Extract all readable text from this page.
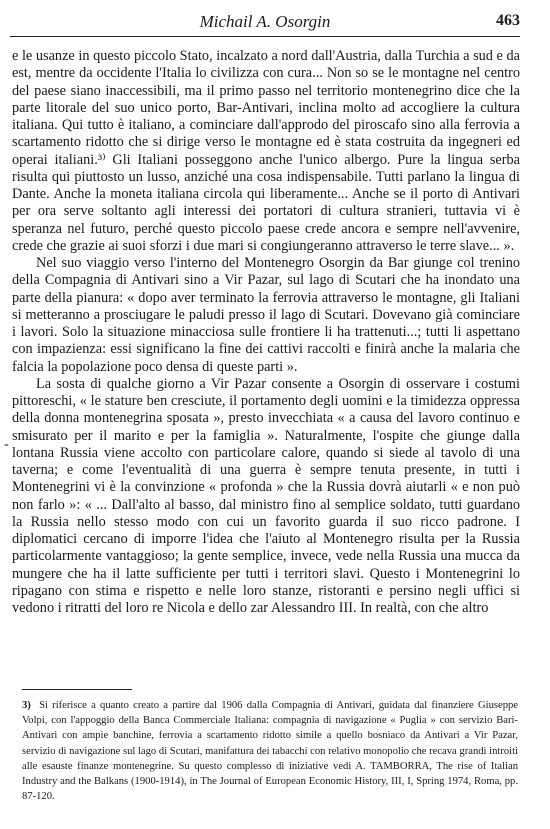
Michail A. Osorgin	463
-

e le usanze in questo piccolo Stato, incalzato a nord dall'Austria, dalla Turchia a sud e da est, mentre da occidente l'Italia lo civilizza con cura... Non so se le montagne nel centro del paese siano inaccessibili, ma il primo passo nel territorio montenegrino dice che la parte litorale del suo unico porto, Bar-Antivari, inclina molto ad accogliere la cultura italiana. Qui tutto è italiano, a cominciare dall'approdo del piroscafo sino alla ferrovia a scartamento ridotto che si dirige verso le montagne ed è stata costruita da ingegneri ed operai italiani.³⁾ Gli Italiani posseggono anche l'unico albergo. Pure la lingua serba risulta qui piuttosto un lusso, anziché una cosa indispensabile. Tutti parlano la lingua di Dante. Anche la moneta italiana circola qui liberamente... Anche se il porto di Antivari per ora serve soltanto agli interessi dei portatori di cultura stranieri, tuttavia vi è speranza nel futuro, perché questo piccolo paese crede ancora e sempre nell'avvenire, crede che grazie ai suoi sforzi i due mari si congiungeranno attraverso le terre slave... ».

Nel suo viaggio verso l'interno del Montenegro Osorgin da Bar giunge col trenino della Compagnia di Antivari sino a Vir Pazar, sul lago di Scutari che ha inondato una parte della pianura: « dopo aver terminato la ferrovia attraverso le montagne, gli Italiani si metteranno a prosciugare le paludi presso il lago di Scutari. Dovevano già cominciare i lavori. Solo la situazione minacciosa sulle frontiere li ha trattenuti...; tutti li aspettano con impazienza: essi significano la fine dei cattivi raccolti e finirà anche la malaria che falcia la popolazione poco densa di queste parti ».

La sosta di qualche giorno a Vir Pazar consente a Osorgin di osservare i costumi pittoreschi, « le stature ben cresciute, il portamento degli uomini e la timidezza oppressa della donna montenegrina sposata », presto invecchiata « a causa del lavoro continuo e smisurato per il marito e per la famiglia ». Naturalmente, l'ospite che giunge dalla lontana Russia viene accolto con particolare calore, quando si siede al tavolo di una taverna; e come l'eventualità di una guerra è sempre tenuta presente, in tutti i Montenegrini vi è la convinzione « profonda » che la Russia dovrà aiutarli « e non può non farlo »: « ... Dall'alto al basso, dal ministro fino al semplice soldato, tutti guardano la Russia nello stesso modo con cui un favorito guarda il suo ricco padrone. I diplomatici cercano di imporre l'idea che l'aiuto al Montenegro risulta per la Russia particolarmente vantaggioso; la gente semplice, invece, vede nella Russia una mucca da mungere che ha il latte sufficiente per tutti i territori slavi. Questo i Montenegrini lo ripagano con stima e rispetto e nelle loro stanze, ristoranti e persino negli uffici si vedono i ritratti del loro re Nicola e dello zar Alessandro III. In realtà, con che altro

3) Si riferisce a quanto creato a partire dal 1906 dalla Compagnia di Antivari, guidata dal finanziere Giuseppe Volpi, con l'appoggio della Banca Commerciale Italiana: compagnia di navigazione « Puglia » con servizio Bari-Antivari con ampie banchine, ferrovia a scartamento ridotto simile a quello bosniaco da Antivari a Vir Pazar, servizio di navigazione sul lago di Scutari, manifattura dei tabacchi con relativo monopolio che recava grandi introiti alle esauste finanze montenegrine. Su questo complesso di iniziative vedi A. TAMBORRA, The rise of Italian Industry and the Balkans (1900-1914), in The Journal of European Economic History, III, I, Spring 1974, Roma, pp. 87-120.
